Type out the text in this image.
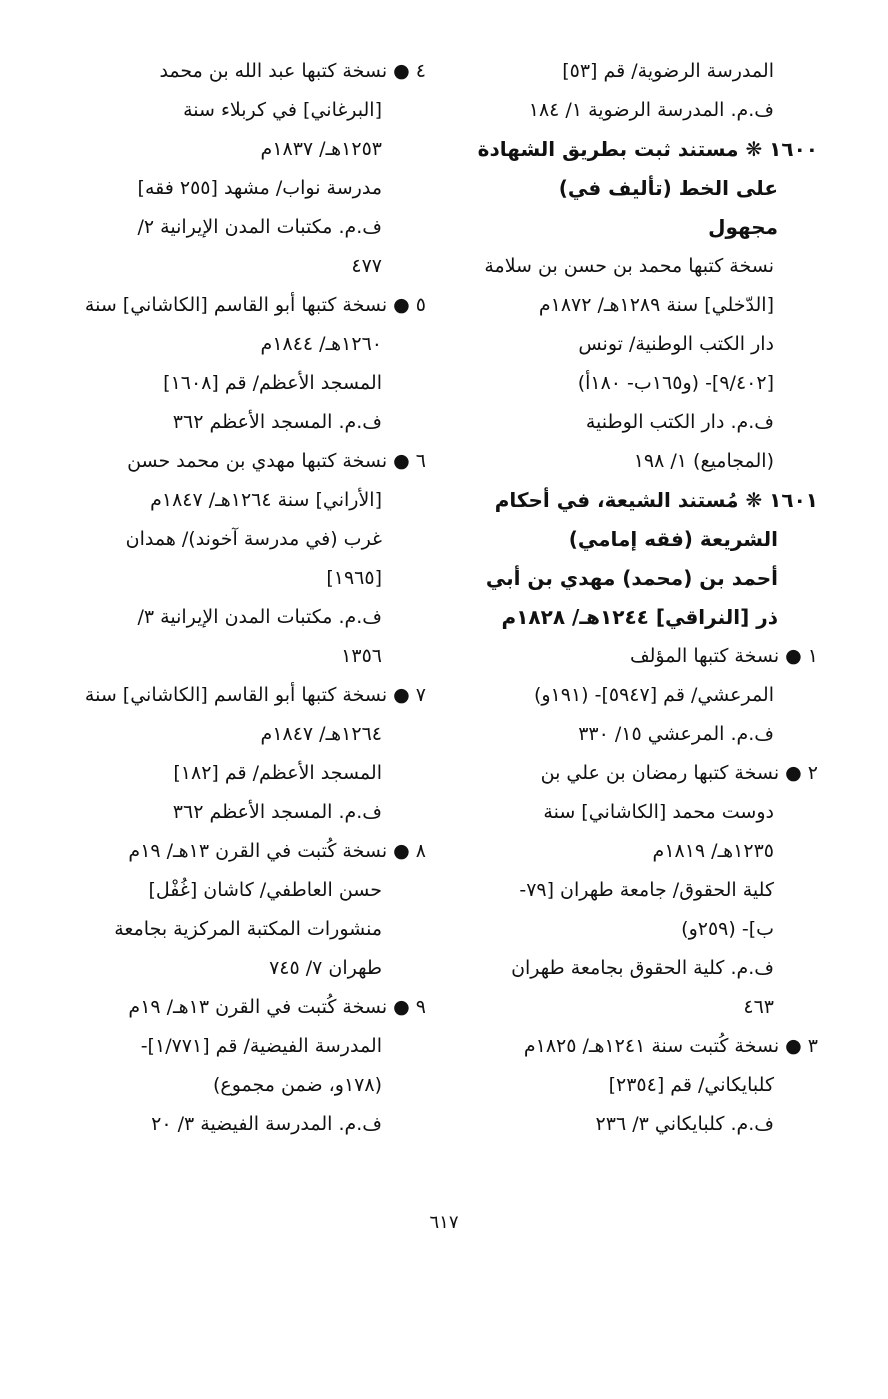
المدرسة الرضوية/ قم [٥٣]
ف.م. المدرسة الرضوية ١/ ١٨٤
١٦٠٠ ❋ مستند ثبت بطريق الشهادة
على الخط (تأليف في)
مجهول
نسخة كتبها محمد بن حسن بن سلامة
[الدّخلي] سنة ١٢٨٩هـ/ ١٨٧٢م
دار الكتب الوطنية/ تونس
[٩/٤٠٢]- (و١٦٥ب- ١٨٠أ)
ف.م. دار الكتب الوطنية
(المجاميع) ١/ ١٩٨
١٦٠١ ❋ مُستند الشيعة، في أحكام
الشريعة (فقه إمامي)
أحمد بن (محمد) مهدي بن أبي
ذر [النراقي] ١٢٤٤هـ/ ١٨٢٨م
١ ● نسخة كتبها المؤلف
المرعشي/ قم [٥٩٤٧]- (١٩١و)
ف.م. المرعشي ١٥/ ٣٣٠
٢ ● نسخة كتبها رمضان بن علي بن
دوست محمد [الكاشاني] سنة
١٢٣٥هـ/ ١٨١٩م
كلية الحقوق/ جامعة طهران [٧٩-
ب]- (٢٥٩و)
ف.م. كلية الحقوق بجامعة طهران
٤٦٣
٣ ● نسخة كُتبت سنة ١٢٤١هـ/ ١٨٢٥م
كلبايكاني/ قم [٢٣٥٤]
ف.م. كلبايكاني ٣/ ٢٣٦
٤ ● نسخة كتبها عبد الله بن محمد
[البرغاني] في كربلاء سنة
١٢٥٣هـ/ ١٨٣٧م
مدرسة نواب/ مشهد [٢٥٥ فقه]
ف.م. مكتبات المدن الإيرانية ٢/
٤٧٧
٥ ● نسخة كتبها أبو القاسم [الكاشاني] سنة
١٢٦٠هـ/ ١٨٤٤م
المسجد الأعظم/ قم [١٦٠٨]
ف.م. المسجد الأعظم ٣٦٢
٦ ● نسخة كتبها مهدي بن محمد حسن
[الأراني] سنة ١٢٦٤هـ/ ١٨٤٧م
غرب (في مدرسة آخوند)/ همدان
[١٩٦٥]
ف.م. مكتبات المدن الإيرانية ٣/
١٣٥٦
٧ ● نسخة كتبها أبو القاسم [الكاشاني] سنة
١٢٦٤هـ/ ١٨٤٧م
المسجد الأعظم/ قم [١٨٢]
ف.م. المسجد الأعظم ٣٦٢
٨ ● نسخة كُتبت في القرن ١٣هـ/ ١٩م
حسن العاطفي/ كاشان [غُفْل]
منشورات المكتبة المركزية بجامعة
طهران ٧/ ٧٤٥
٩ ● نسخة كُتبت في القرن ١٣هـ/ ١٩م
المدرسة الفيضية/ قم [١/٧٧١]-
(١٧٨و، ضمن مجموع)
ف.م. المدرسة الفيضية ٣/ ٢٠
٦١٧
